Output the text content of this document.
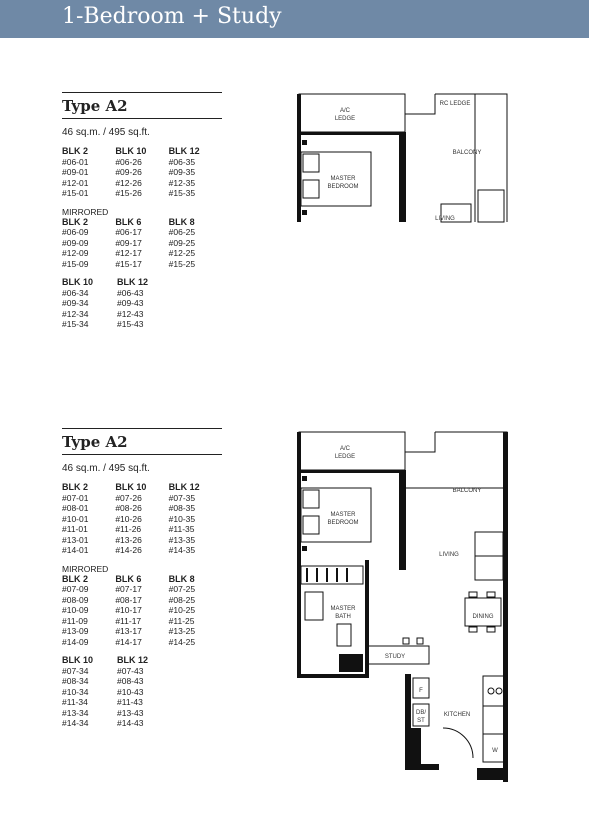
1-Bedroom + Study
Type A2
46 sq.m. / 495 sq.ft.
BLK 2
#06-01
#09-01
#12-01
#15-01
BLK 10
#06-26
#09-26
#12-26
#15-26
BLK 12
#06-35
#09-35
#12-35
#15-35
MIRRORED
BLK 2
#06-09
#09-09
#12-09
#15-09
BLK 6
#06-17
#09-17
#12-17
#15-17
BLK 8
#06-25
#09-25
#12-25
#15-25
BLK 10
#06-34
#09-34
#12-34
#15-34
BLK 12
#06-43
#09-43
#12-43
#15-43
Type A2
46 sq.m. / 495 sq.ft.
BLK 2
#07-01
#08-01
#10-01
#11-01
#13-01
#14-01
BLK 10
#07-26
#08-26
#10-26
#11-26
#13-26
#14-26
BLK 12
#07-35
#08-35
#10-35
#11-35
#13-35
#14-35
MIRRORED
BLK 2
#07-09
#08-09
#10-09
#11-09
#13-09
#14-09
BLK 6
#07-17
#08-17
#10-17
#11-17
#13-17
#14-17
BLK 8
#07-25
#08-25
#10-25
#11-25
#13-25
#14-25
BLK 10
#07-34
#08-34
#10-34
#11-34
#13-34
#14-34
BLK 12
#07-43
#08-43
#10-43
#11-43
#13-43
#14-43
A/C
LEDGE
RC LEDGE
BALCONY
MASTER
BEDROOM
LIVING
A/C
LEDGE
BALCONY
MASTER
BEDROOM
LIVING
MASTER
BATH	DINING
STUDY
F
DB/
ST
KITCHEN
W
